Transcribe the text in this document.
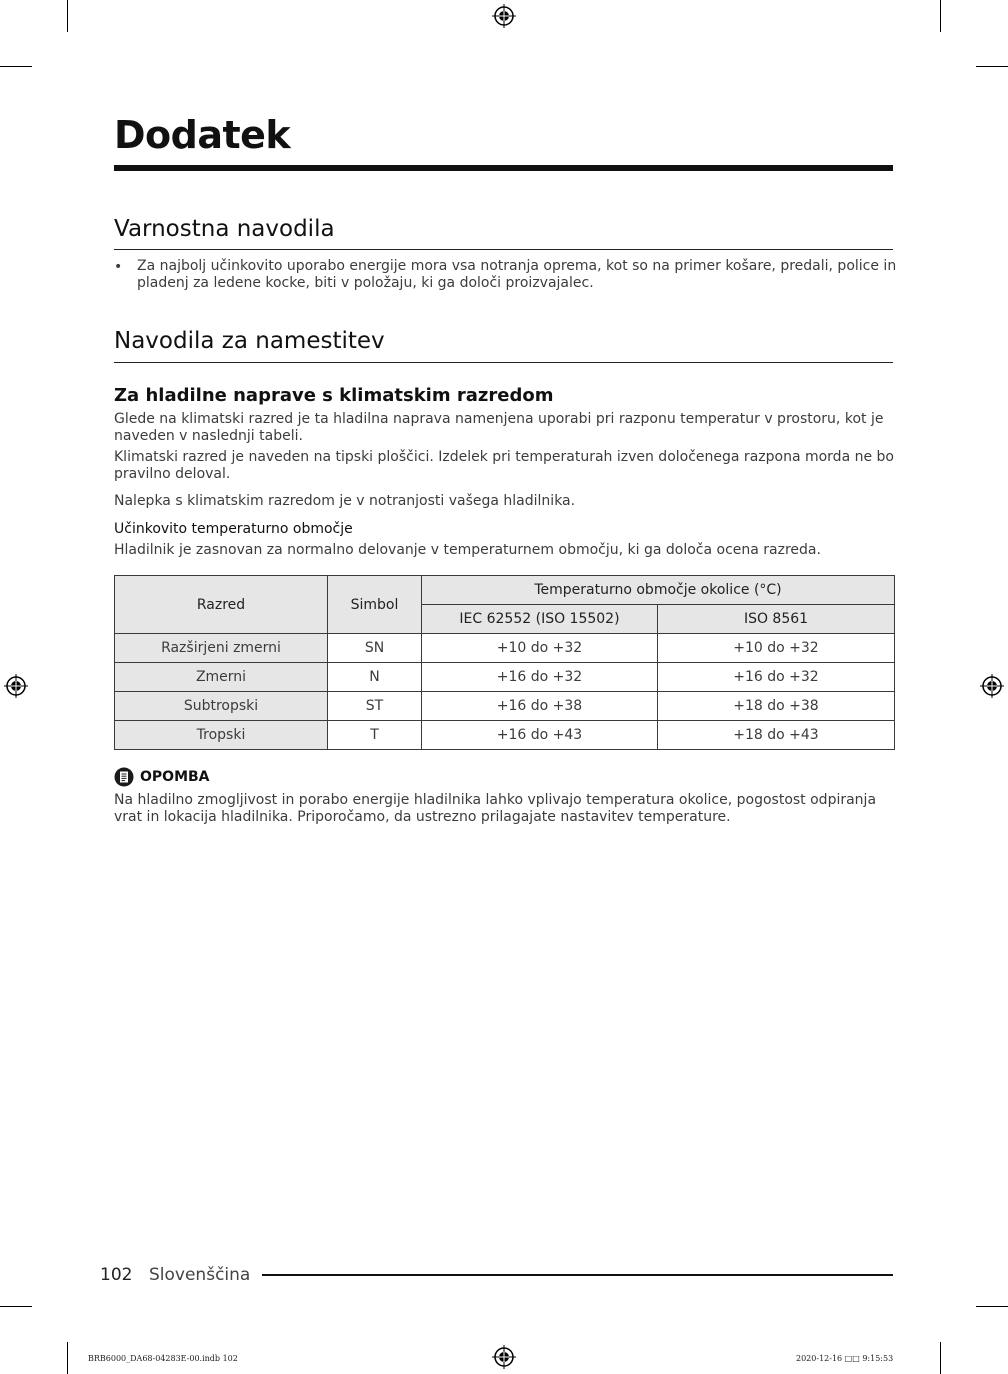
Dodatek
Varnostna navodila
• Za najbolj učinkovito uporabo energije mora vsa notranja oprema, kot so na primer košare, predali, police in pladenj za ledene kocke, biti v položaju, ki ga določi proizvajalec.
Navodila za namestitev
Za hladilne naprave s klimatskim razredom
Glede na klimatski razred je ta hladilna naprava namenjena uporabi pri razponu temperatur v prostoru, kot je naveden v naslednji tabeli.
Klimatski razred je naveden na tipski ploščici. Izdelek pri temperaturah izven določenega razpona morda ne bo pravilno deloval.
Nalepka s klimatskim razredom je v notranjosti vašega hladilnika.
Učinkovito temperaturno območje
Hladilnik je zasnovan za normalno delovanje v temperaturnem območju, ki ga določa ocena razreda.
Razred	Simbol	Temperaturno območje okolice (°C)	
		IEC 62552 (ISO 15502)	ISO 8561
Razširjeni zmerni	SN	+10 do +32	+10 do +32
Zmerni	N	+16 do +32	+16 do +32
Subtropski	ST	+16 do +38	+18 do +38
Tropski	T	+16 do +43	+18 do +43
OPOMBA
Na hladilno zmogljivost in porabo energije hladilnika lahko vplivajo temperatura okolice, pogostost odpiranja vrat in lokacija hladilnika. Priporočamo, da ustrezno prilagajate nastavitev temperature.
102 Slovenščina
BRB6000_DA68-04283E-00.indb 102	2020-12-16 □□ 9:15:53
